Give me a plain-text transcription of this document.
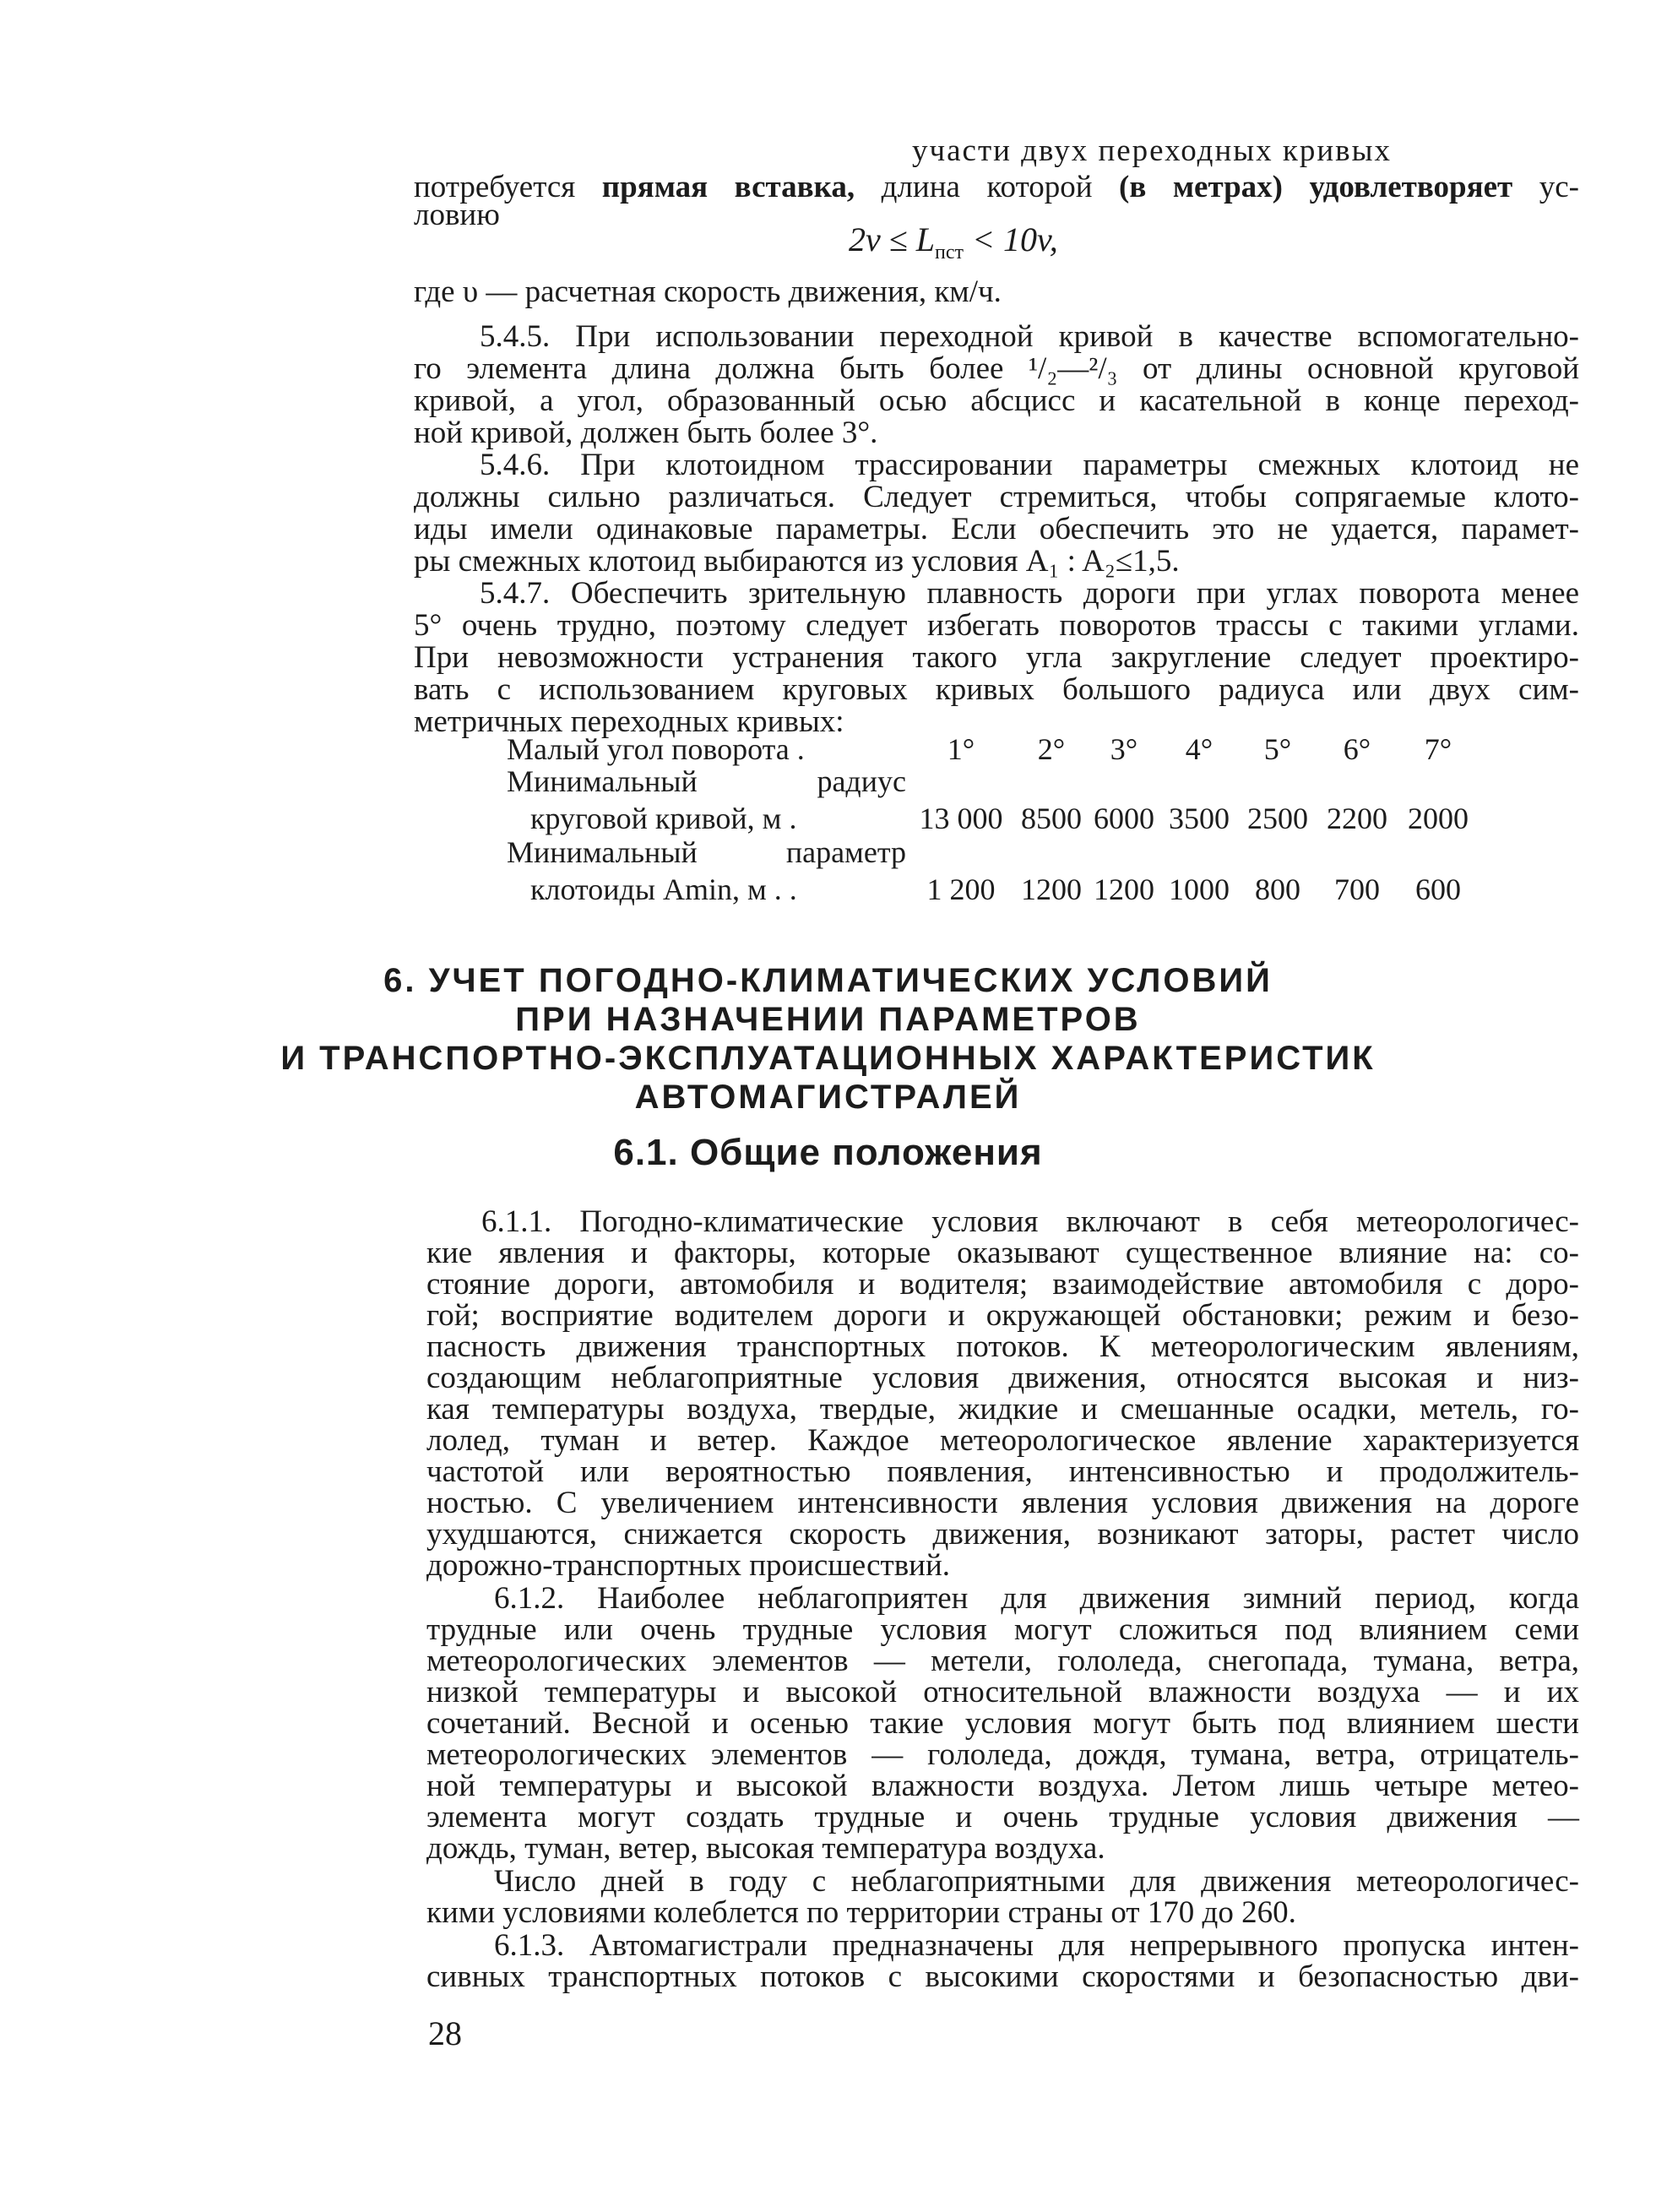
участи двух переходных кривых
потребуется прямая вставка, длина которой (в метрах) удовлетворяет ус-
ловию
$2v \le L_{пст} < 10v$,
где υ — расчетная скорость движения, км/ч.
5.4.5. При использовании переходной кривой в качестве вспомогательно-
го элемента длина должна быть более ¹/₂—²/₃ от длины основной круговой
кривой, а угол, образованный осью абсцисс и касательной в конце переход-
ной кривой, должен быть более 3°.
5.4.6. При клотоидном трассировании параметры смежных клотоид не
должны сильно различаться. Следует стремиться, чтобы сопрягаемые клото-
иды имели одинаковые параметры. Если обеспечить это не удается, парамет-
ры смежных клотоид выбираются из условия A₁ : A₂≤1,5.
5.4.7. Обеспечить зрительную плавность дороги при углах поворота менее
5° очень трудно, поэтому следует избегать поворотов трассы с такими углами.
При невозможности устранения такого угла закругление следует проектиро-
вать с использованием круговых кривых большого радиуса или двух сим-
метричных переходных кривых:
Малый угол поворота .	1°	2°	3°	4°	5°	6°	7°
Минимальный радиус							
круговой кривой, м .	13 000	8500	6000	3500	2500	2200	2000
Минимальный параметр							
клотоиды Amin, м . .	1 200	1200	1200	1000	800	700	600
6. УЧЕТ ПОГОДНО-КЛИМАТИЧЕСКИХ УСЛОВИЙ
ПРИ НАЗНАЧЕНИИ ПАРАМЕТРОВ
И ТРАНСПОРТНО-ЭКСПЛУАТАЦИОННЫХ ХАРАКТЕРИСТИК
АВТОМАГИСТРАЛЕЙ
6.1. Общие положения
6.1.1. Погодно-климатические условия включают в себя метеорологичес-
кие явления и факторы, которые оказывают существенное влияние на: со-
стояние дороги, автомобиля и водителя; взаимодействие автомобиля с доро-
гой; восприятие водителем дороги и окружающей обстановки; режим и безо-
пасность движения транспортных потоков. К метеорологическим явлениям,
создающим неблагоприятные условия движения, относятся высокая и низ-
кая температуры воздуха, твердые, жидкие и смешанные осадки, метель, го-
лолед, туман и ветер. Каждое метеорологическое явление характеризуется
частотой или вероятностью появления, интенсивностью и продолжитель-
ностью. С увеличением интенсивности явления условия движения на дороге
ухудшаются, снижается скорость движения, возникают заторы, растет число
дорожно-транспортных происшествий.
6.1.2. Наиболее неблагоприятен для движения зимний период, когда
трудные или очень трудные условия могут сложиться под влиянием семи
метеорологических элементов — метели, гололеда, снегопада, тумана, ветра,
низкой температуры и высокой относительной влажности воздуха — и их
сочетаний. Весной и осенью такие условия могут быть под влиянием шести
метеорологических элементов — гололеда, дождя, тумана, ветра, отрицатель-
ной температуры и высокой влажности воздуха. Летом лишь четыре метео-
элемента могут создать трудные и очень трудные условия движения —
дождь, туман, ветер, высокая температура воздуха.
Число дней в году с неблагоприятными для движения метеорологичес-
кими условиями колеблется по территории страны от 170 до 260.
6.1.3. Автомагистрали предназначены для непрерывного пропуска интен-
сивных транспортных потоков с высокими скоростями и безопасностью дви-
28
